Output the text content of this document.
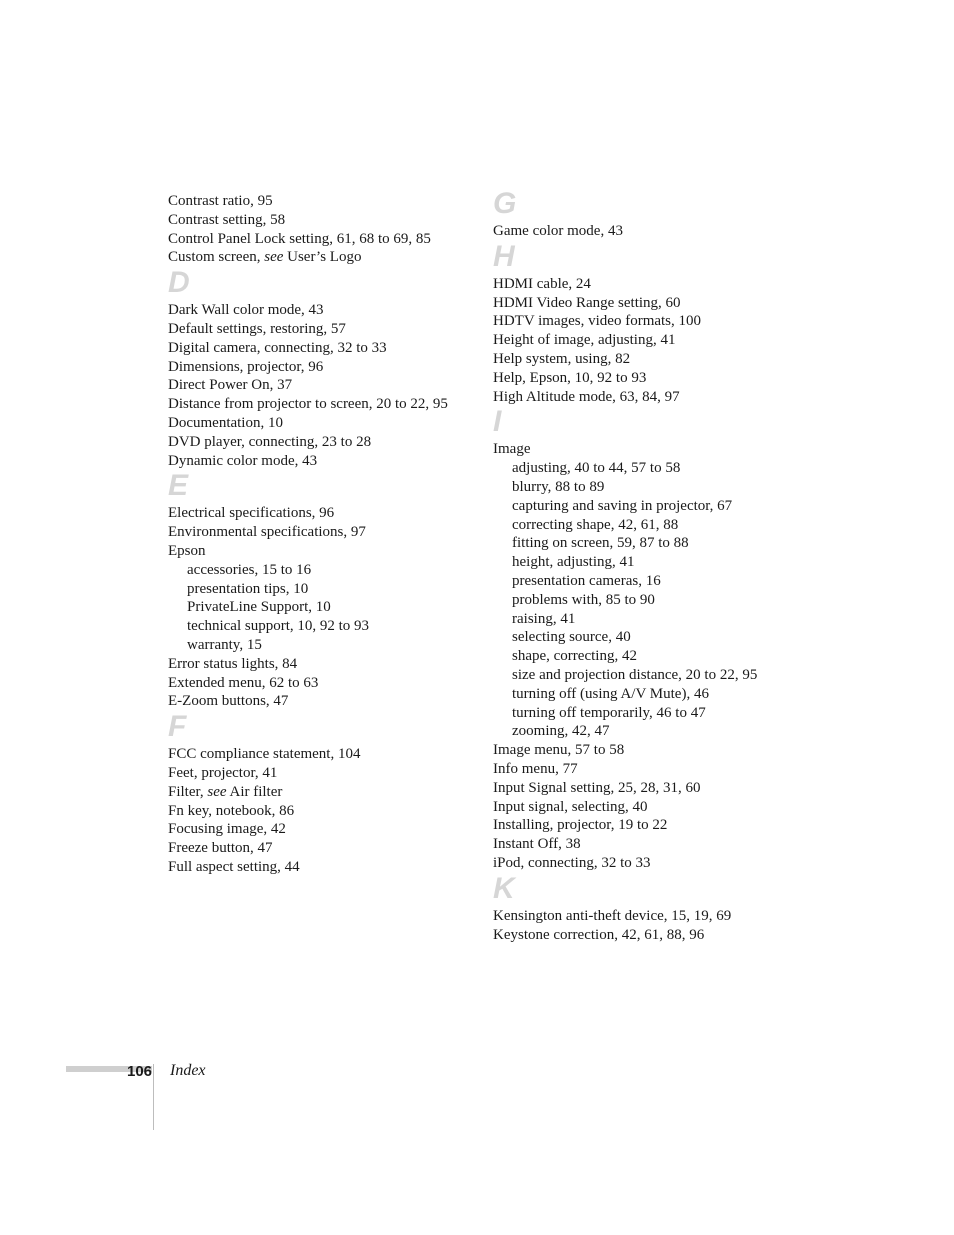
Contrast ratio, 95
Contrast setting, 58
Control Panel Lock setting, 61, 68 to 69, 85
Custom screen, see User’s Logo
D
Dark Wall color mode, 43
Default settings, restoring, 57
Digital camera, connecting, 32 to 33
Dimensions, projector, 96
Direct Power On, 37
Distance from projector to screen, 20 to 22, 95
Documentation, 10
DVD player, connecting, 23 to 28
Dynamic color mode, 43
E
Electrical specifications, 96
Environmental specifications, 97
Epson
accessories, 15 to 16
presentation tips, 10
PrivateLine Support, 10
technical support, 10, 92 to 93
warranty, 15
Error status lights, 84
Extended menu, 62 to 63
E-Zoom buttons, 47
F
FCC compliance statement, 104
Feet, projector, 41
Filter, see Air filter
Fn key, notebook, 86
Focusing image, 42
Freeze button, 47
Full aspect setting, 44
G
Game color mode, 43
H
HDMI cable, 24
HDMI Video Range setting, 60
HDTV images, video formats, 100
Height of image, adjusting, 41
Help system, using, 82
Help, Epson, 10, 92 to 93
High Altitude mode, 63, 84, 97
I
Image
adjusting, 40 to 44, 57 to 58
blurry, 88 to 89
capturing and saving in projector, 67
correcting shape, 42, 61, 88
fitting on screen, 59, 87 to 88
height, adjusting, 41
presentation cameras, 16
problems with, 85 to 90
raising, 41
selecting source, 40
shape, correcting, 42
size and projection distance, 20 to 22, 95
turning off (using A/V Mute), 46
turning off temporarily, 46 to 47
zooming, 42, 47
Image menu, 57 to 58
Info menu, 77
Input Signal setting, 25, 28, 31, 60
Input signal, selecting, 40
Installing, projector, 19 to 22
Instant Off, 38
iPod, connecting, 32 to 33
K
Kensington anti-theft device, 15, 19, 69
Keystone correction, 42, 61, 88, 96
106 Index
